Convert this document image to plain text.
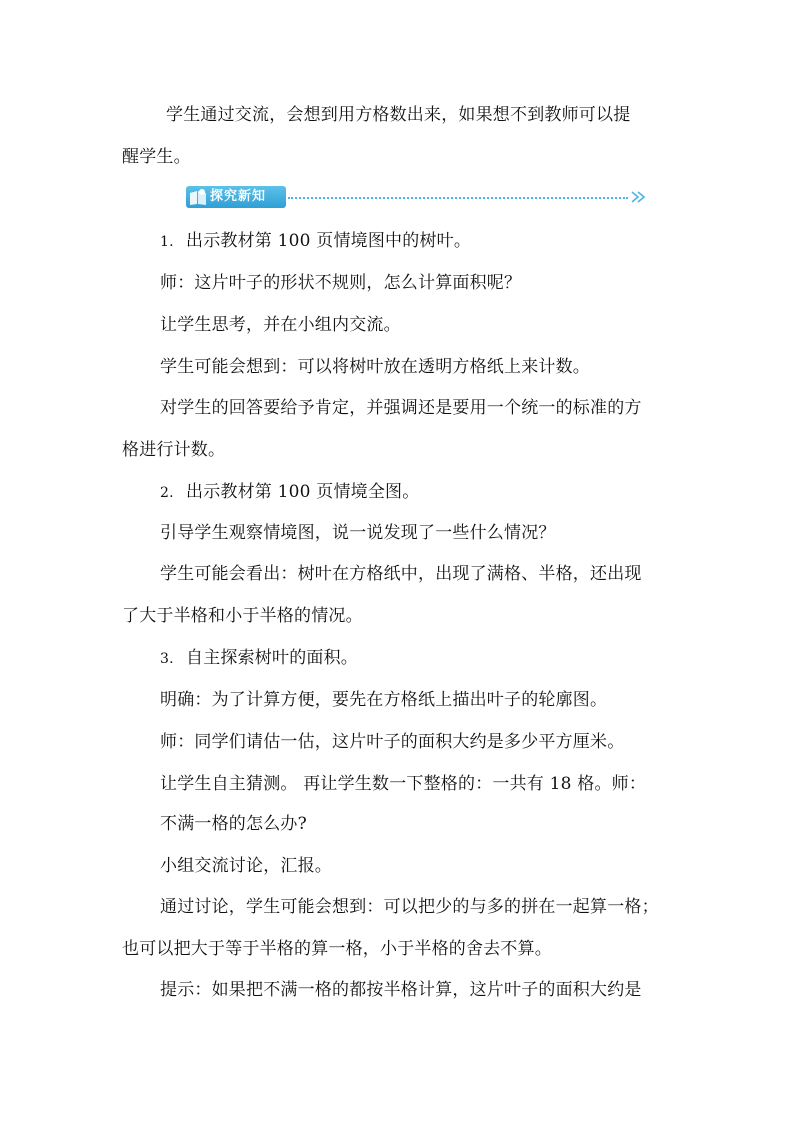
学生通过交流，会想到用方格数出来，如果想不到教师可以提
醒学生。
探究新知
1. 出示教材第 100 页情境图中的树叶。
师：这片叶子的形状不规则，怎么计算面积呢？
让学生思考，并在小组内交流。
学生可能会想到：可以将树叶放在透明方格纸上来计数。
对学生的回答要给予肯定，并强调还是要用一个统一的标准的方
格进行计数。
2. 出示教材第 100 页情境全图。
引导学生观察情境图，说一说发现了一些什么情况？
学生可能会看出：树叶在方格纸中，出现了满格、半格，还出现
了大于半格和小于半格的情况。
3. 自主探索树叶的面积。
明确：为了计算方便，要先在方格纸上描出叶子的轮廓图。
师：同学们请估一估，这片叶子的面积大约是多少平方厘米。
让学生自主猜测。 再让学生数一下整格的：一共有 18 格。师：
不满一格的怎么办?
小组交流讨论，汇报。
通过讨论，学生可能会想到：可以把少的与多的拼在一起算一格；
也可以把大于等于半格的算一格，小于半格的舍去不算。
提示：如果把不满一格的都按半格计算，这片叶子的面积大约是
